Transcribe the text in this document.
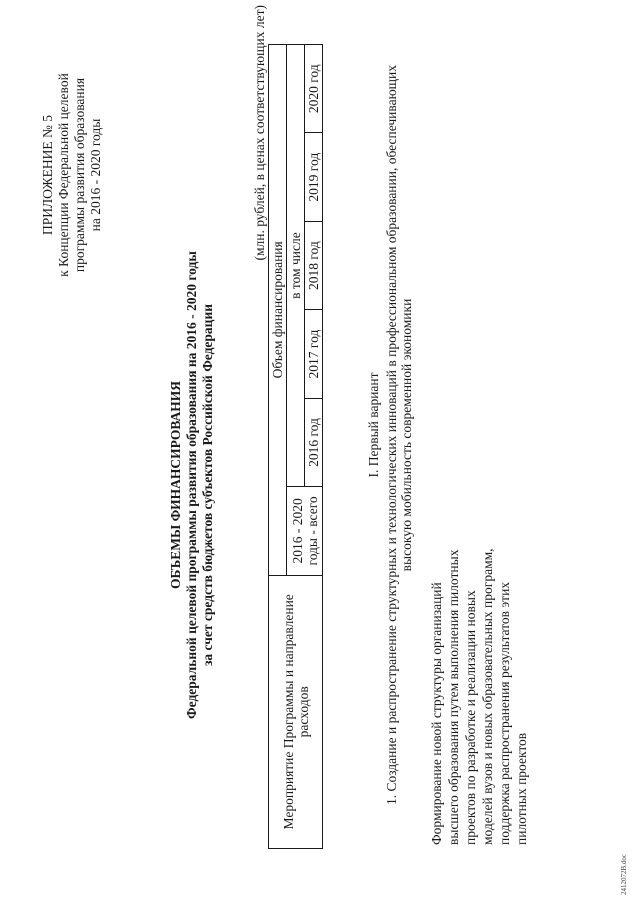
ПРИЛОЖЕНИЕ № 5 к Концепции Федеральной целевой программы развития образования на 2016 - 2020 годы
ОБЪЕМЫ ФИНАНСИРОВАНИЯ Федеральной целевой программы развития образования на 2016 - 2020 годы за счет средств бюджетов субъектов Российской Федерации
(млн. рублей, в ценах соответствующих лет)
Мероприятие Программы и направление расходов	Объем финансирования					
	2016 - 2020 годы - всего	в том числе				
		2016 год	2017 год	2018 год	2019 год	2020 год
I. Первый вариант 1. Создание и распространение структурных и технологических инноваций в профессиональном образовании, обеспечивающих высокую мобильность современной экономики
Формирование новой структуры организаций высшего образования путем выполнения пилотных проектов по разработке и реализации новых моделей вузов и новых образовательных программ, поддержка распространения результатов этих пилотных проектов
2412072В.doc
